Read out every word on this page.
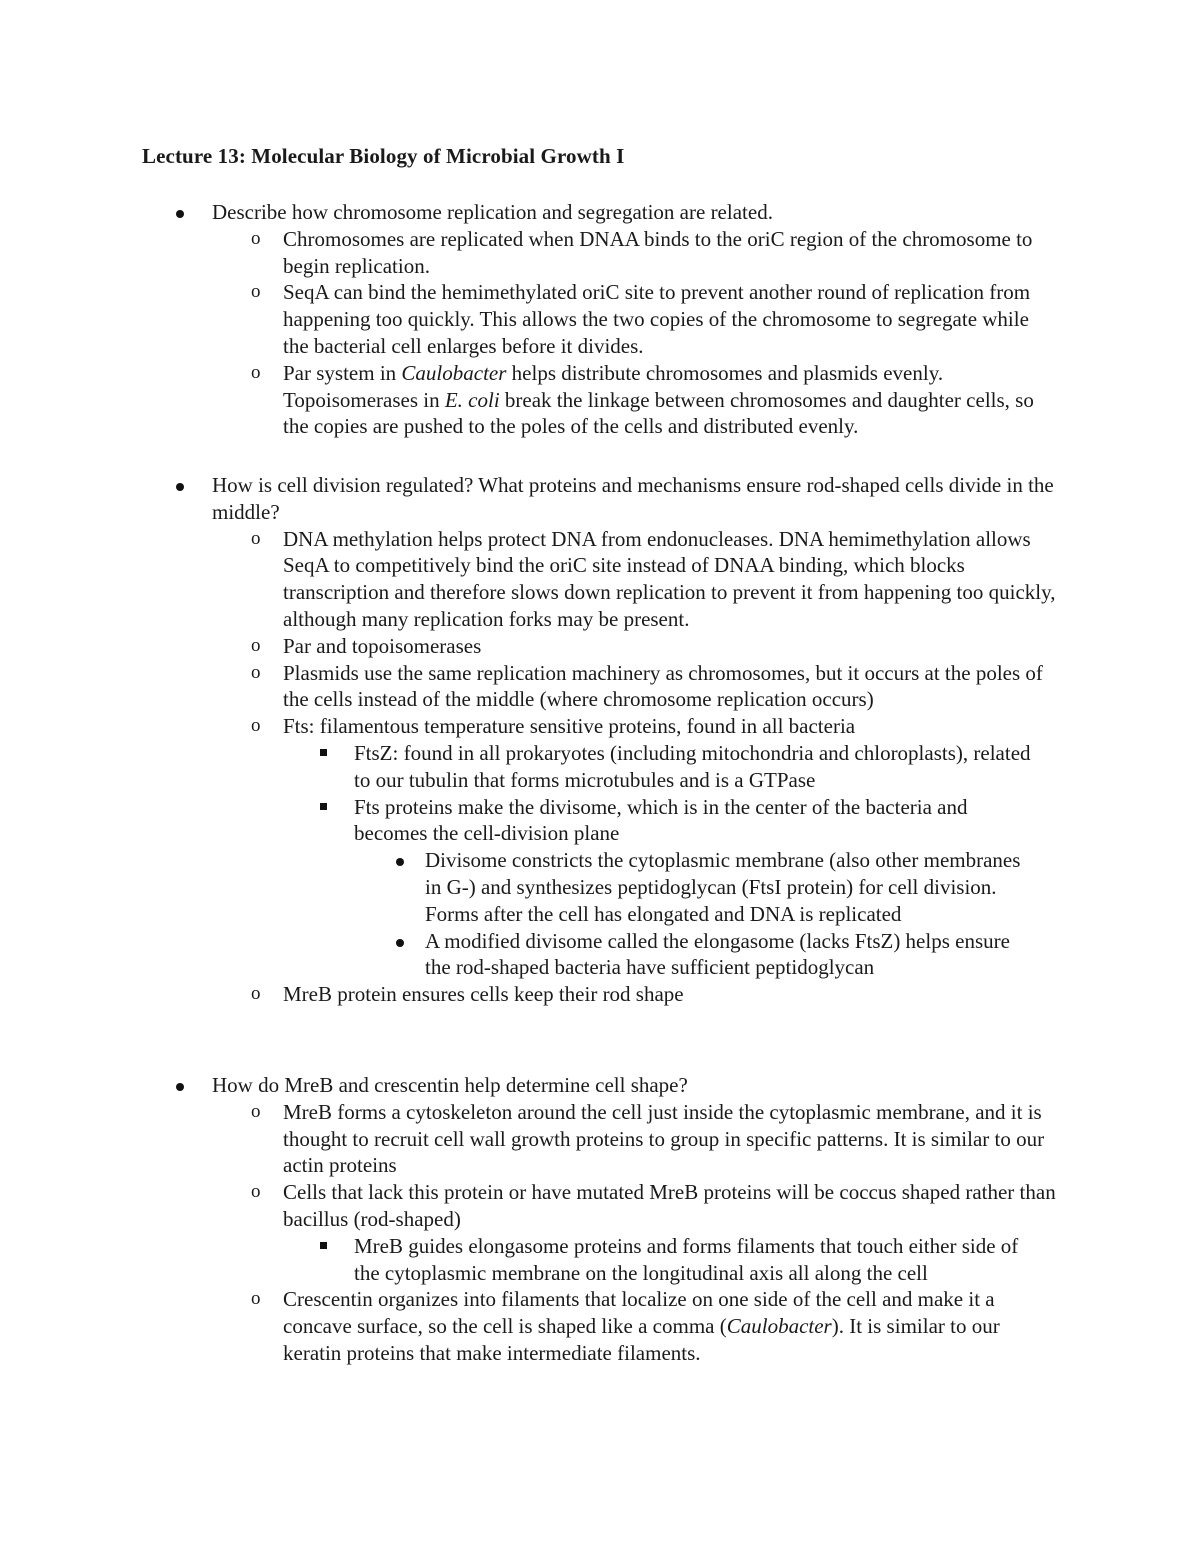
Lecture 13: Molecular Biology of Microbial Growth I
Describe how chromosome replication and segregation are related.
o Chromosomes are replicated when DNAA binds to the oriC region of the chromosome to begin replication.
o SeqA can bind the hemimethylated oriC site to prevent another round of replication from happening too quickly. This allows the two copies of the chromosome to segregate while the bacterial cell enlarges before it divides.
o Par system in Caulobacter helps distribute chromosomes and plasmids evenly. Topoisomerases in E. coli break the linkage between chromosomes and daughter cells, so the copies are pushed to the poles of the cells and distributed evenly.
How is cell division regulated? What proteins and mechanisms ensure rod-shaped cells divide in the middle?
o DNA methylation helps protect DNA from endonucleases. DNA hemimethylation allows SeqA to competitively bind the oriC site instead of DNAA binding, which blocks transcription and therefore slows down replication to prevent it from happening too quickly, although many replication forks may be present.
o Par and topoisomerases
o Plasmids use the same replication machinery as chromosomes, but it occurs at the poles of the cells instead of the middle (where chromosome replication occurs)
o Fts: filamentous temperature sensitive proteins, found in all bacteria
FtsZ: found in all prokaryotes (including mitochondria and chloroplasts), related to our tubulin that forms microtubules and is a GTPase
Fts proteins make the divisome, which is in the center of the bacteria and becomes the cell-division plane
Divisome constricts the cytoplasmic membrane (also other membranes in G-) and synthesizes peptidoglycan (FtsI protein) for cell division. Forms after the cell has elongated and DNA is replicated
A modified divisome called the elongasome (lacks FtsZ) helps ensure the rod-shaped bacteria have sufficient peptidoglycan
o MreB protein ensures cells keep their rod shape
How do MreB and crescentin help determine cell shape?
o MreB forms a cytoskeleton around the cell just inside the cytoplasmic membrane, and it is thought to recruit cell wall growth proteins to group in specific patterns. It is similar to our actin proteins
o Cells that lack this protein or have mutated MreB proteins will be coccus shaped rather than bacillus (rod-shaped)
MreB guides elongasome proteins and forms filaments that touch either side of the cytoplasmic membrane on the longitudinal axis all along the cell
o Crescentin organizes into filaments that localize on one side of the cell and make it a concave surface, so the cell is shaped like a comma (Caulobacter). It is similar to our keratin proteins that make intermediate filaments.
